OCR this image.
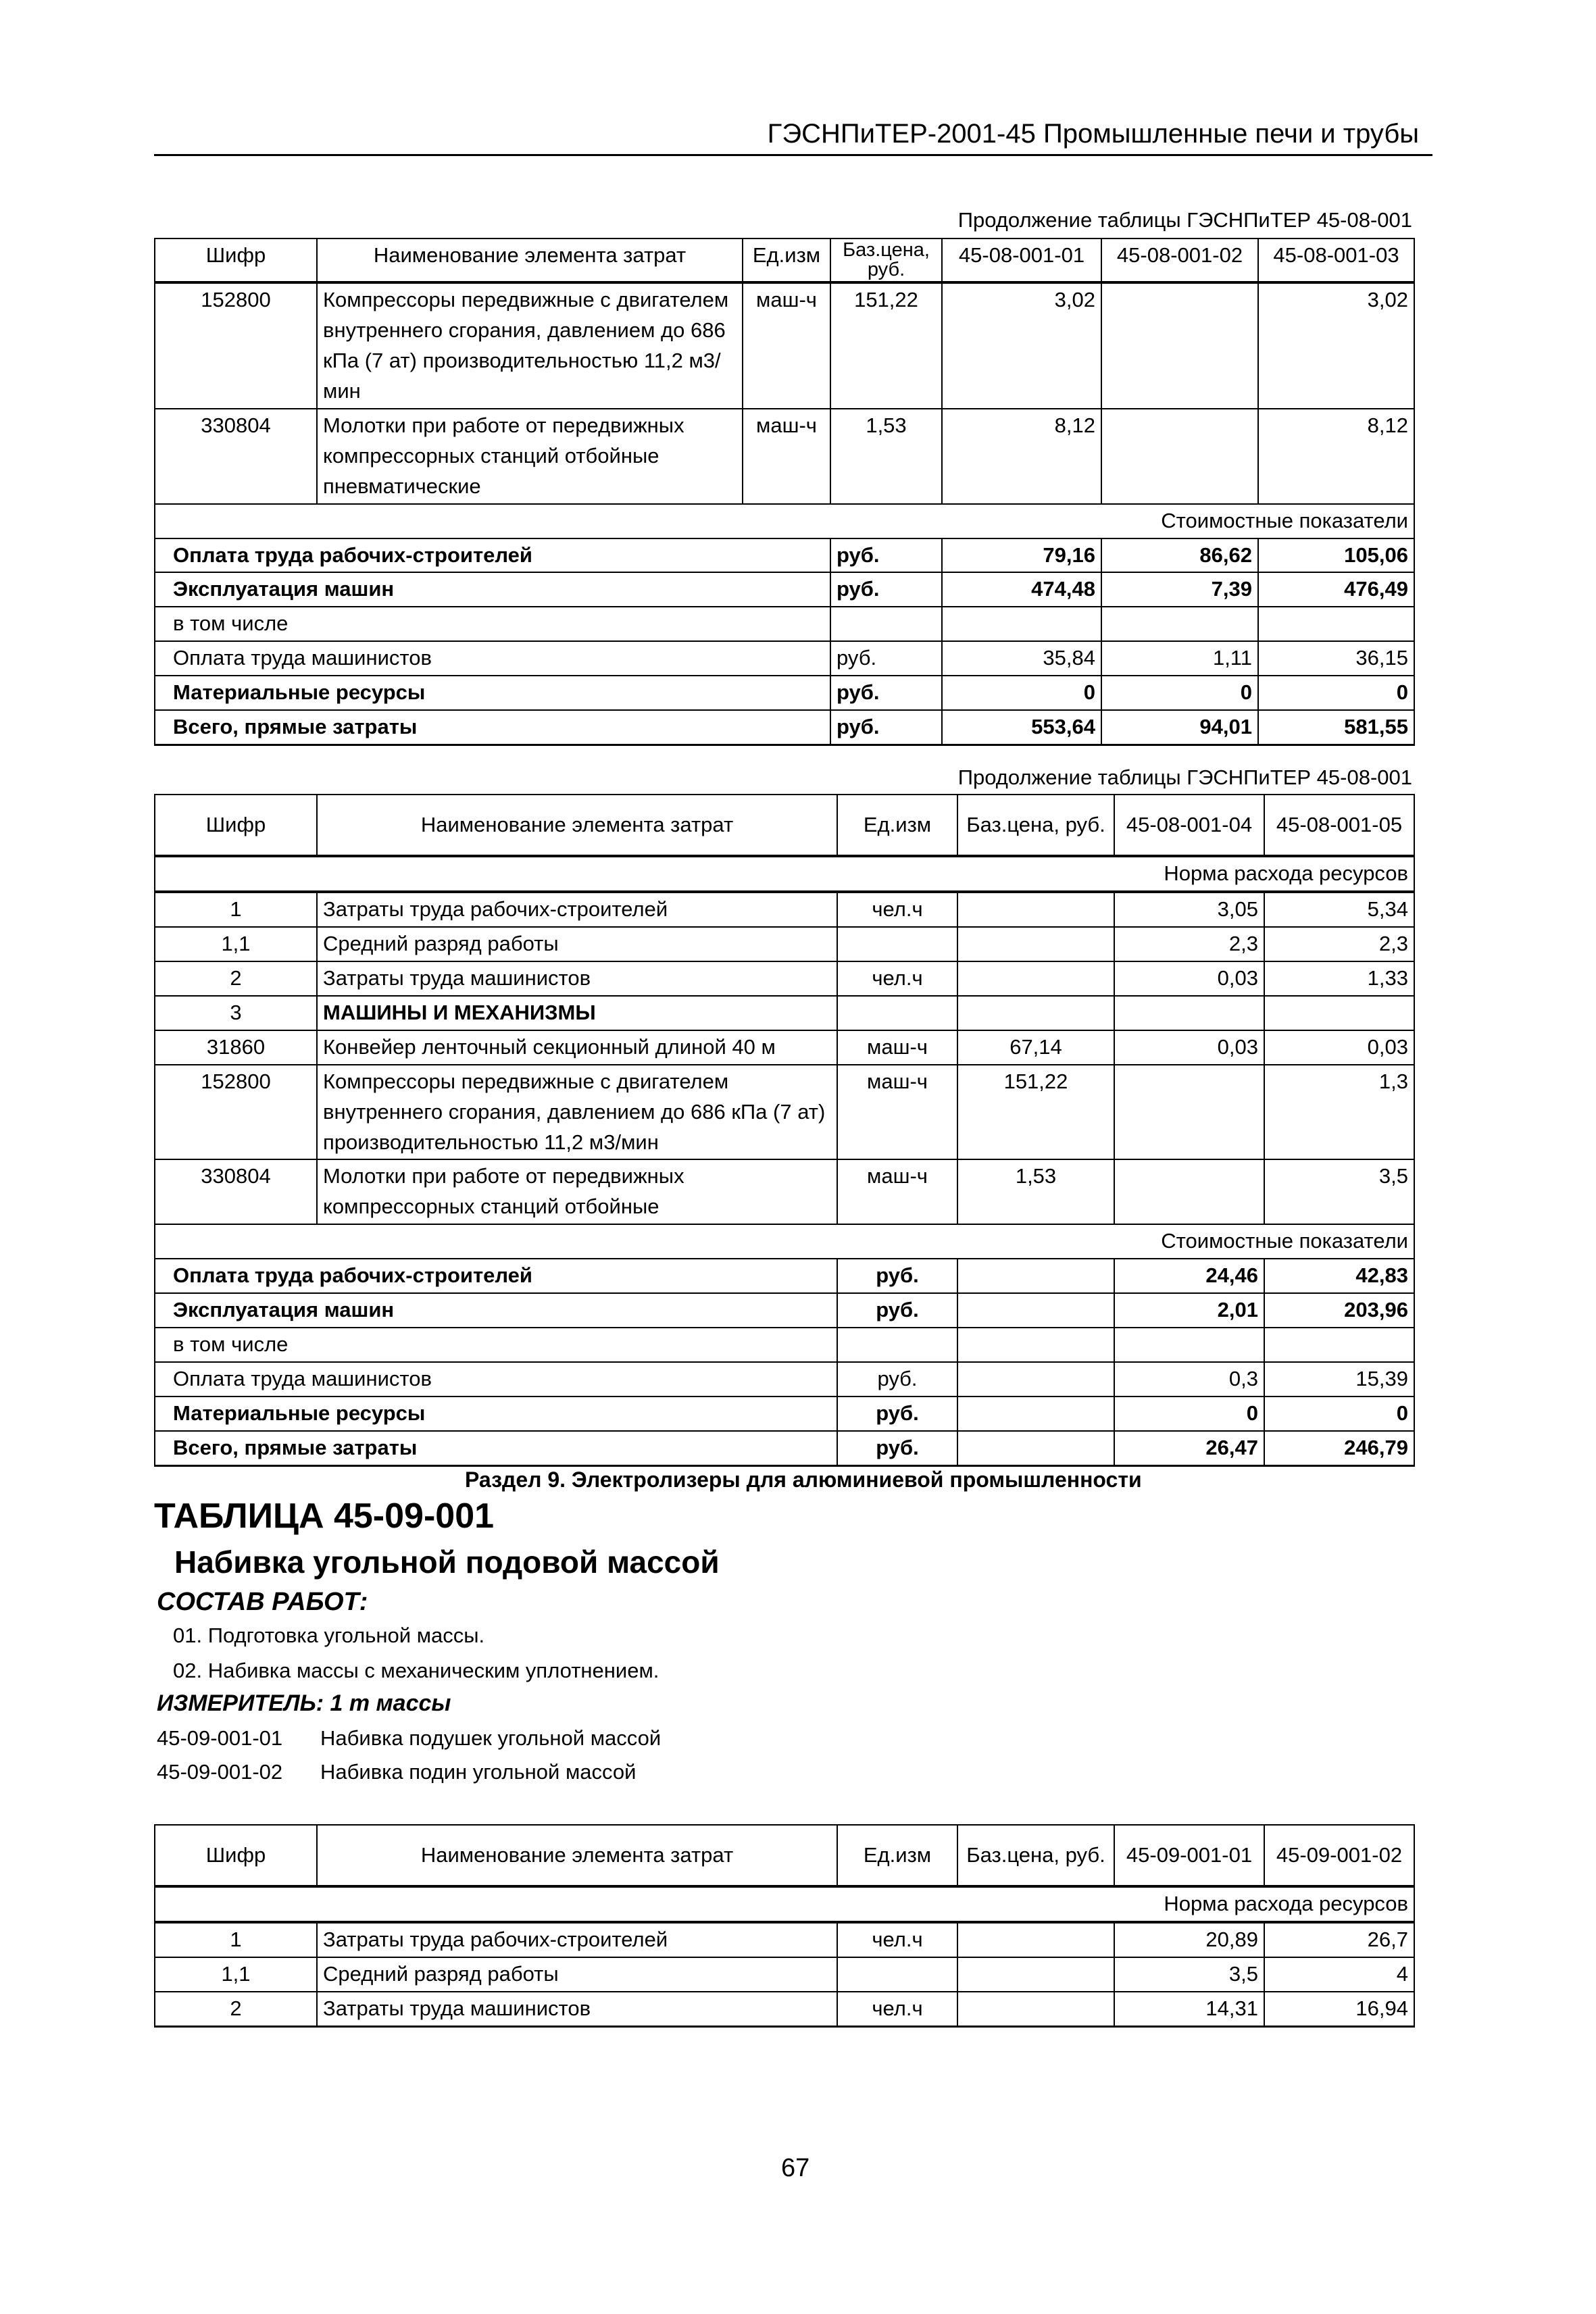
ГЭСНПиТЕР-2001-45 Промышленные печи и трубы
Продолжение таблицы ГЭСНПиТЕР 45-08-001
Шифр	Наименование элемента затрат	Ед.изм	Баз.цена, руб.	45-08-001-01	45-08-001-02	45-08-001-03
152800	Компрессоры передвижные с двигателем внутреннего сгорания, давлением до 686 кПа (7 ат) производительностью 11,2 м3/мин	маш-ч	151,22	3,02		3,02
330804	Молотки при работе от передвижных компрессорных станций отбойные пневматические	маш-ч	1,53	8,12		8,12
Стоимостные показатели						
Оплата труда рабочих-строителей			руб.	79,16	86,62	105,06
Эксплуатация машин			руб.	474,48	7,39	476,49
в том числе						
Оплата труда машинистов			руб.	35,84	1,11	36,15
Материальные ресурсы			руб.	0	0	0
Всего, прямые затраты			руб.	553,64	94,01	581,55
Продолжение таблицы ГЭСНПиТЕР 45-08-001
Шифр	Наименование элемента затрат	Ед.изм	Баз.цена, руб.	45-08-001-04	45-08-001-05
Норма расхода ресурсов					
1	Затраты труда рабочих-строителей	чел.ч		3,05	5,34
1,1	Средний разряд работы			2,3	2,3
2	Затраты труда машинистов	чел.ч		0,03	1,33
3	МАШИНЫ И МЕХАНИЗМЫ				
31860	Конвейер ленточный секционный длиной 40 м	маш-ч	67,14	0,03	0,03
152800	Компрессоры передвижные с двигателем внутреннего сгорания, давлением до 686 кПа (7 ат) производительностью 11,2 м3/мин	маш-ч	151,22		1,3
330804	Молотки при работе от передвижных компрессорных станций отбойные	маш-ч	1,53		3,5
Стоимостные показатели					
Оплата труда рабочих-строителей		руб.		24,46	42,83
Эксплуатация машин		руб.		2,01	203,96
в том числе					
Оплата труда машинистов		руб.		0,3	15,39
Материальные ресурсы		руб.		0	0
Всего, прямые затраты		руб.		26,47	246,79
Раздел 9. Электролизеры для алюминиевой промышленности
ТАБЛИЦА 45-09-001
Набивка угольной подовой массой
СОСТАВ РАБОТ:
01. Подготовка угольной массы.
02. Набивка массы с механическим уплотнением.
ИЗМЕРИТЕЛЬ: 1 т массы
45-09-001-01 Набивка подушек угольной массой
45-09-001-02 Набивка подин угольной массой
Шифр	Наименование элемента затрат	Ед.изм	Баз.цена, руб.	45-09-001-01	45-09-001-02
Норма расхода ресурсов					
1	Затраты труда рабочих-строителей	чел.ч		20,89	26,7
1,1	Средний разряд работы			3,5	4
2	Затраты труда машинистов	чел.ч		14,31	16,94
67
